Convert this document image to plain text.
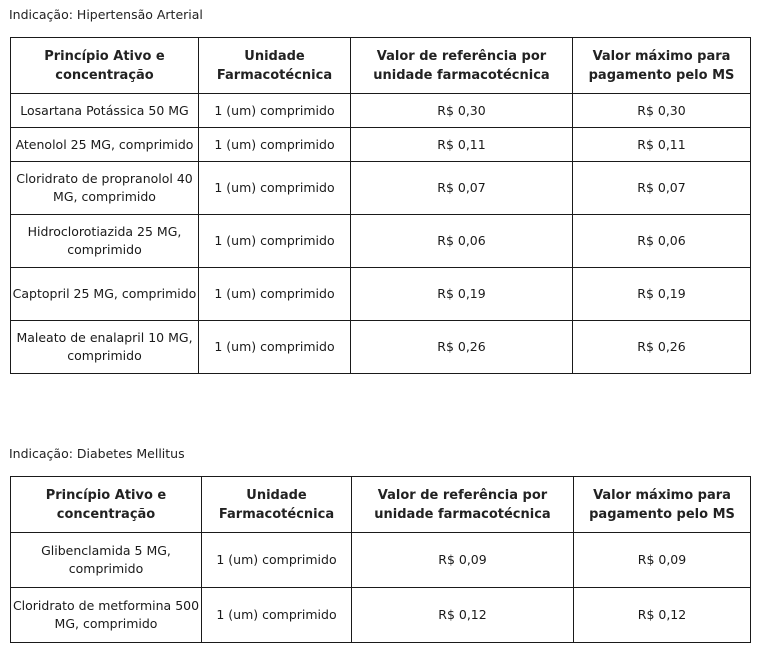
Indicação: Hipertensão Arterial
Princípio Ativo e concentração	Unidade Farmacotécnica	Valor de referência por unidade farmacotécnica	Valor máximo para pagamento pelo MS
Losartana Potássica 50 MG	1 (um) comprimido	R$ 0,30	R$ 0,30
Atenolol 25 MG, comprimido	1 (um) comprimido	R$ 0,11	R$ 0,11
Cloridrato de propranolol 40 MG, comprimido	1 (um) comprimido	R$ 0,07	R$ 0,07
Hidroclorotiazida 25 MG, comprimido	1 (um) comprimido	R$ 0,06	R$ 0,06
Captopril 25 MG, comprimido	1 (um) comprimido	R$ 0,19	R$ 0,19
Maleato de enalapril 10 MG, comprimido	1 (um) comprimido	R$ 0,26	R$ 0,26
Indicação: Diabetes Mellitus
Princípio Ativo e concentração	Unidade Farmacotécnica	Valor de referência por unidade farmacotécnica	Valor máximo para pagamento pelo MS
Glibenclamida 5 MG, comprimido	1 (um) comprimido	R$ 0,09	R$ 0,09
Cloridrato de metformina 500 MG, comprimido	1 (um) comprimido	R$ 0,12	R$ 0,12
